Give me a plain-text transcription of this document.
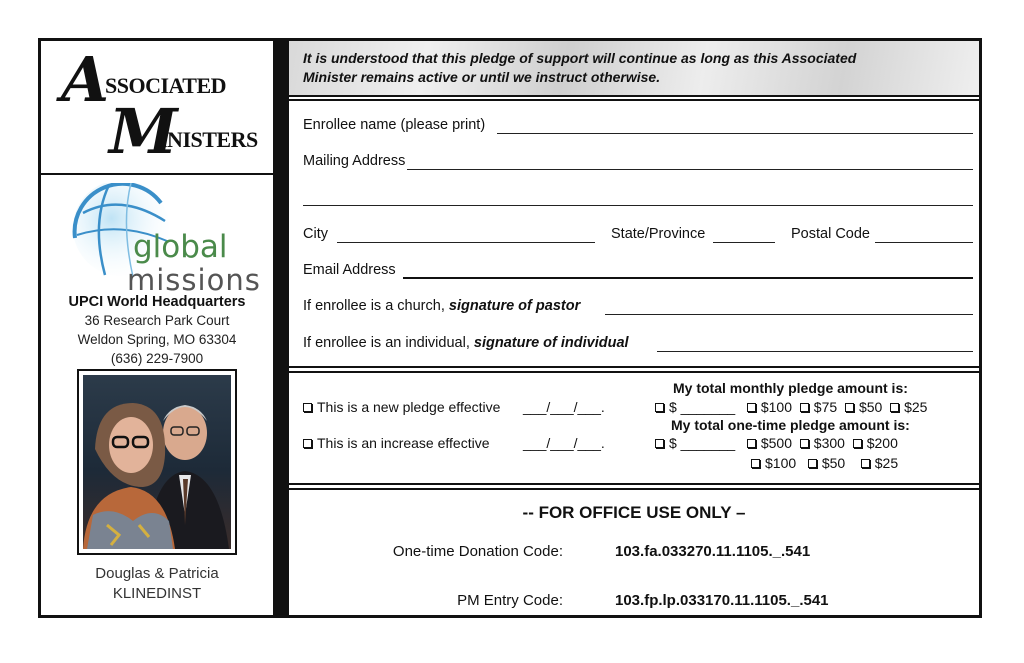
A
SSOCIATED
M
INISTERS
global
missions
UPCI World Headquarters
36 Research Park Court
Weldon Spring, MO 63304
(636) 229-7900
Douglas & Patricia
KLINEDINST
It is understood that this pledge of support will continue as long as this Associated
Minister remains active or until we instruct otherwise.
Enrollee name (please print)
Mailing Address
City	State/Province	Postal Code
Email Address
If enrollee is a church, signature of pastor
If enrollee is an individual, signature of individual
This is a new pledge effective ___/___/___.
This is an increase effective ___/___/___.
My total monthly pledge amount is:
$ _______ $100 $75 $50 $25
My total one-time pledge amount is:
$ _______ $500 $300 $200
$100 $50 $25
-- FOR OFFICE USE ONLY –
One-time Donation Code:	103.fa.033270.11.1105._.541
PM Entry Code:	103.fp.lp.033170.11.1105._.541
